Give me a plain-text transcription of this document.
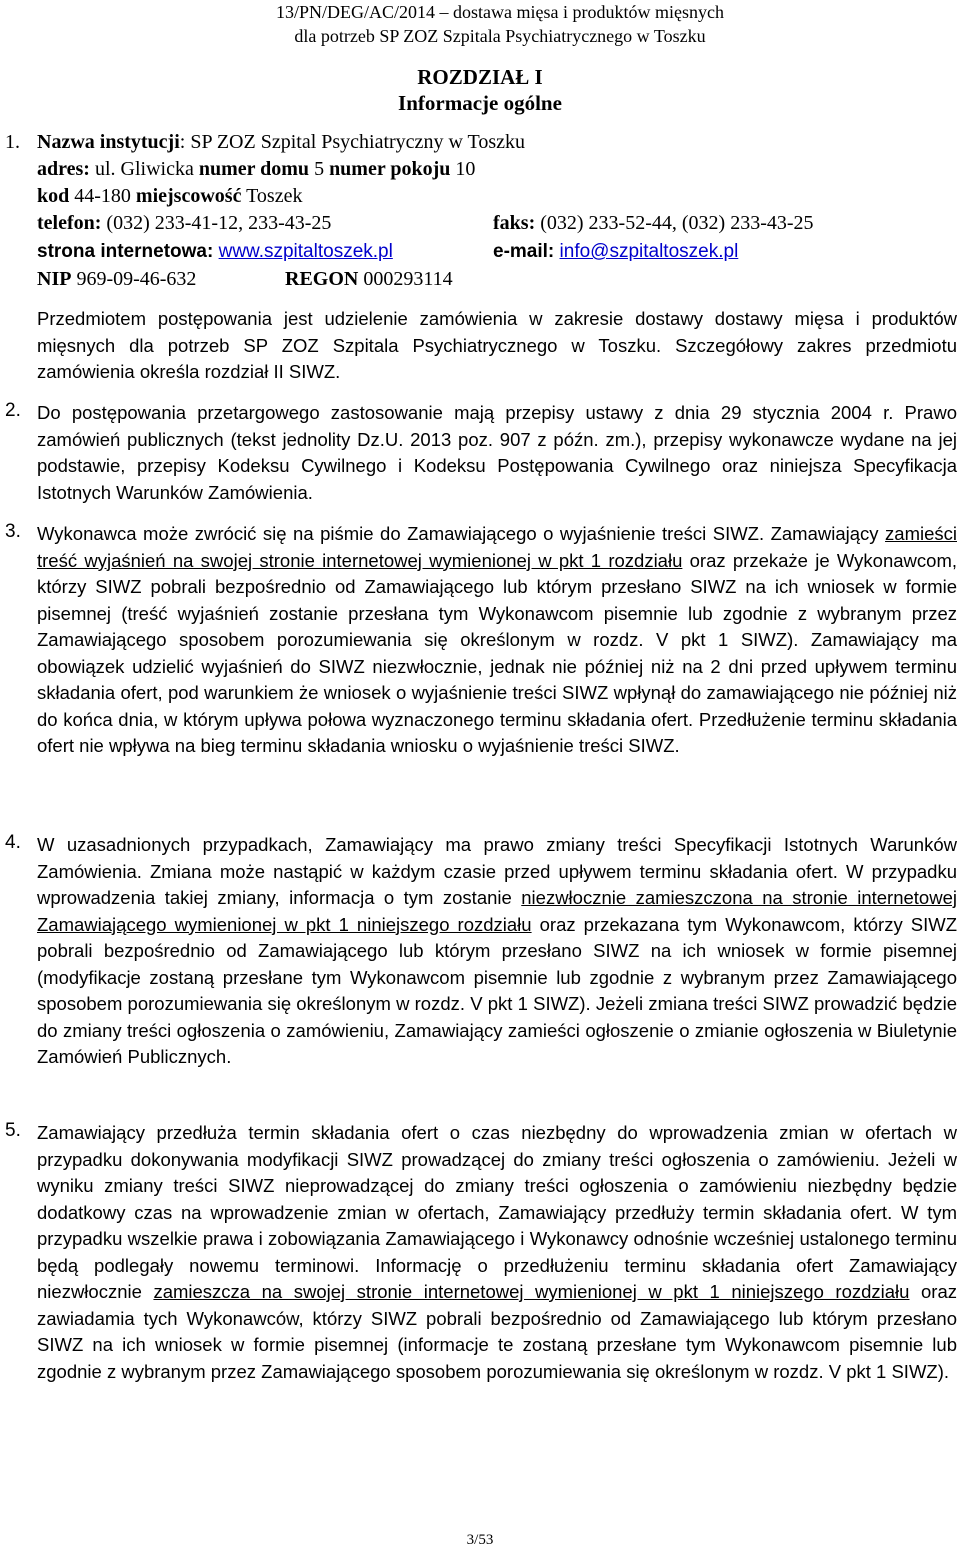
13/PN/DEG/AC/2014 – dostawa mięsa i produktów mięsnych
dla potrzeb SP ZOZ Szpitala Psychiatrycznego w Toszku
ROZDZIAŁ I
Informacje ogólne
1. Nazwa instytucji: SP ZOZ Szpital Psychiatryczny w Toszku
adres: ul. Gliwicka numer domu 5 numer pokoju 10
kod 44-180 miejscowość Toszek
telefon: (032) 233-41-12, 233-43-25	faks: (032) 233-52-44, (032) 233-43-25
strona internetowa: www.szpitaltoszek.pl	e-mail: info@szpitaltoszek.pl
NIP 969-09-46-632	REGON 000293114
Przedmiotem postępowania jest udzielenie zamówienia w zakresie dostawy dostawy mięsa i produktów mięsnych dla potrzeb SP ZOZ Szpitala Psychiatrycznego w Toszku. Szczegółowy zakres przedmiotu zamówienia określa rozdział II SIWZ.
2. Do postępowania przetargowego zastosowanie mają przepisy ustawy z dnia 29 stycznia 2004 r. Prawo zamówień publicznych (tekst jednolity Dz.U. 2013 poz. 907 z późn. zm.), przepisy wykonawcze wydane na jej podstawie, przepisy Kodeksu Cywilnego i Kodeksu Postępowania Cywilnego oraz niniejsza Specyfikacja Istotnych Warunków Zamówienia.
3. Wykonawca może zwrócić się na piśmie do Zamawiającego o wyjaśnienie treści SIWZ. Zamawiający zamieści treść wyjaśnień na swojej stronie internetowej wymienionej w pkt 1 rozdziału oraz przekaże je Wykonawcom, którzy SIWZ pobrali bezpośrednio od Zamawiającego lub którym przesłano SIWZ na ich wniosek w formie pisemnej (treść wyjaśnień zostanie przesłana tym Wykonawcom pisemnie lub zgodnie z wybranym przez Zamawiającego sposobem porozumiewania się określonym w rozdz. V pkt 1 SIWZ). Zamawiający ma obowiązek udzielić wyjaśnień do SIWZ niezwłocznie, jednak nie później niż na 2 dni przed upływem terminu składania ofert, pod warunkiem że wniosek o wyjaśnienie treści SIWZ wpłynął do zamawiającego nie później niż do końca dnia, w którym upływa połowa wyznaczonego terminu składania ofert. Przedłużenie terminu składania ofert nie wpływa na bieg terminu składania wniosku o wyjaśnienie treści SIWZ.
4. W uzasadnionych przypadkach, Zamawiający ma prawo zmiany treści Specyfikacji Istotnych Warunków Zamówienia. Zmiana może nastąpić w każdym czasie przed upływem terminu składania ofert. W przypadku wprowadzenia takiej zmiany, informacja o tym zostanie niezwłocznie zamieszczona na stronie internetowej Zamawiającego wymienionej w pkt 1 niniejszego rozdziału oraz przekazana tym Wykonawcom, którzy SIWZ pobrali bezpośrednio od Zamawiającego lub którym przesłano SIWZ na ich wniosek w formie pisemnej (modyfikacje zostaną przesłane tym Wykonawcom pisemnie lub zgodnie z wybranym przez Zamawiającego sposobem porozumiewania się określonym w rozdz. V pkt 1 SIWZ). Jeżeli zmiana treści SIWZ prowadzić będzie do zmiany treści ogłoszenia o zamówieniu, Zamawiający zamieści ogłoszenie o zmianie ogłoszenia w Biuletynie Zamówień Publicznych.
5. Zamawiający przedłuża termin składania ofert o czas niezbędny do wprowadzenia zmian w ofertach w przypadku dokonywania modyfikacji SIWZ prowadzącej do zmiany treści ogłoszenia o zamówieniu. Jeżeli w wyniku zmiany treści SIWZ nieprowadzącej do zmiany treści ogłoszenia o zamówieniu niezbędny będzie dodatkowy czas na wprowadzenie zmian w ofertach, Zamawiający przedłuży termin składania ofert. W tym przypadku wszelkie prawa i zobowiązania Zamawiającego i Wykonawcy odnośnie wcześniej ustalonego terminu będą podlegały nowemu terminowi. Informację o przedłużeniu terminu składania ofert Zamawiający niezwłocznie zamieszcza na swojej stronie internetowej wymienionej w pkt 1 niniejszego rozdziału oraz zawiadamia tych Wykonawców, którzy SIWZ pobrali bezpośrednio od Zamawiającego lub którym przesłano SIWZ na ich wniosek w formie pisemnej (informacje te zostaną przesłane tym Wykonawcom pisemnie lub zgodnie z wybranym przez Zamawiającego sposobem porozumiewania się określonym w rozdz. V pkt 1 SIWZ).
3/53
